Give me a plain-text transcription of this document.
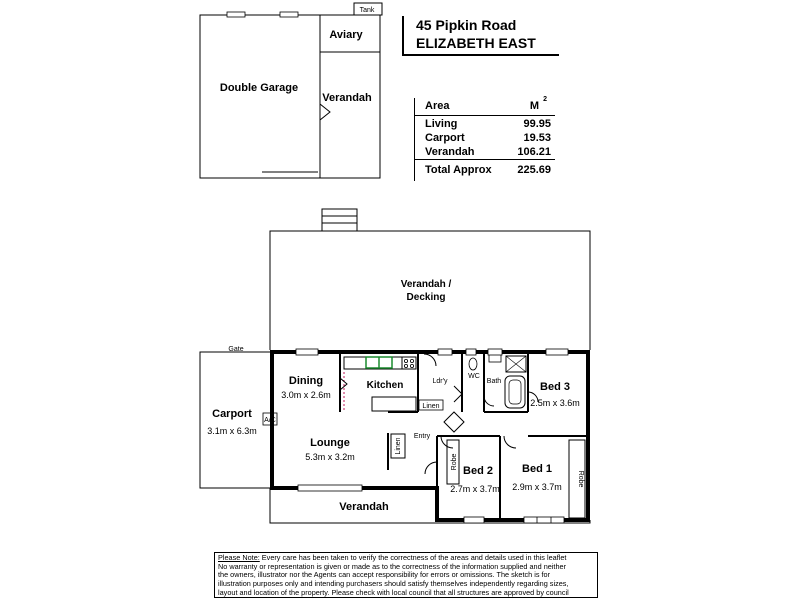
45 Pipkin Road
ELIZABETH EAST
Area	M
2
Living	99.95
Carport	19.53
Verandah	106.21
Total Approx 225.69
Tank
Double Garage
Aviary
Verandah
Verandah /
Decking
Gate
Carport
3.1m x 6.3m
A/C
Verandah
Dining
3.0m x 2.6m
Kitchen	Ldr'y
WC
Bath	Bed 3
2.5m x 3.6m
Linen
Lounge
5.3m x 3.2m
Entry
Linen
Robe
Robe
Bed 2
2.7m x 3.7m
Bed 1
2.9m x 3.7m
Please Note: Every care has been taken to verify the correctness of the areas and details used in this leaflet
No warranty or representation is given or made as to the correctness of the information supplied and neither
the owners, illustrator nor the Agents can accept responsibility for errors or omissions. The sketch is for
illustration purposes only and intending purchasers should satisfy themselves independently regarding sizes,
layout and location of the property. Please check with local council that all structures are approved by council
